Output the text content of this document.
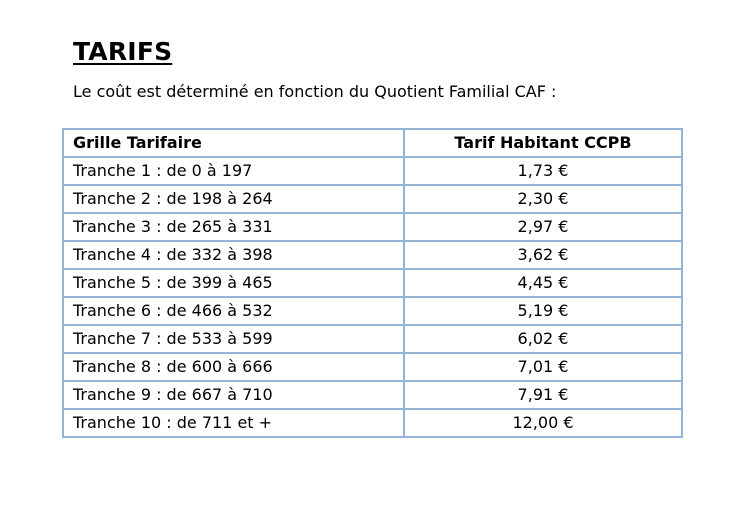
TARIFS
Le coût est déterminé en fonction du Quotient Familial CAF :
Grille Tarifaire	Tarif Habitant CCPB
Tranche 1 : de 0 à 197	1,73 €
Tranche 2 : de 198 à 264	2,30 €
Tranche 3 : de 265 à 331	2,97 €
Tranche 4 : de 332 à 398	3,62 €
Tranche 5 : de 399 à 465	4,45 €
Tranche 6 : de 466 à 532	5,19 €
Tranche 7 : de 533 à 599	6,02 €
Tranche 8 : de 600 à 666	7,01 €
Tranche 9 : de 667 à 710	7,91 €
Tranche 10 : de 711 et +	12,00 €
